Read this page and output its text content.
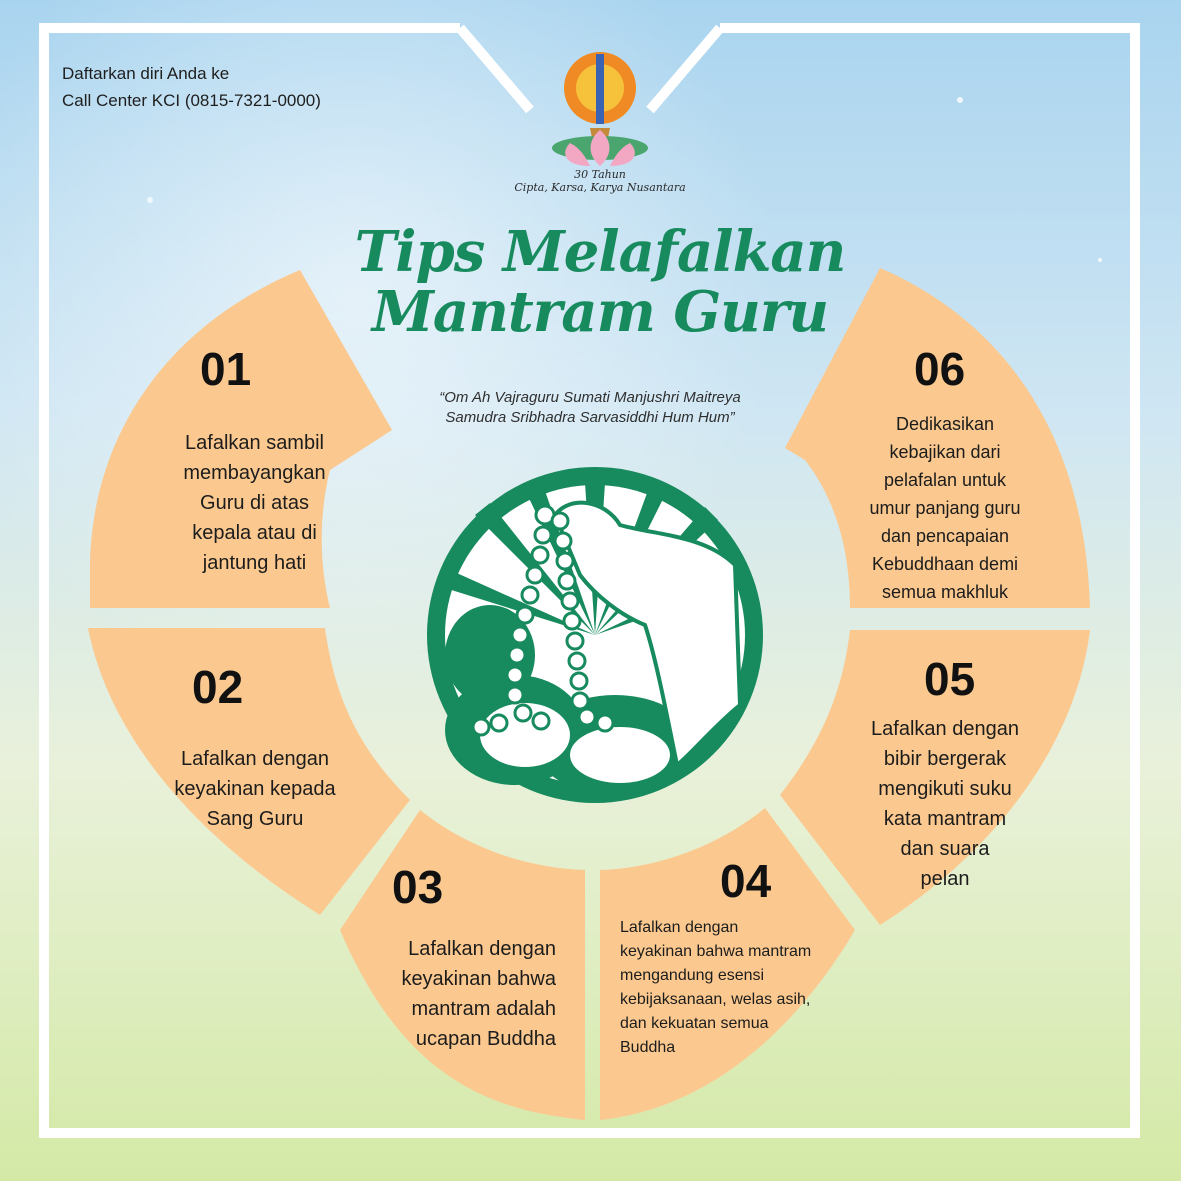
30 Tahun
Cipta, Karsa, Karya Nusantara
Daftarkan diri Anda ke
Call Center KCI (0815-7321-0000)
Tips Melafalkan
Mantram Guru
“Om Ah Vajraguru Sumati Manjushri Maitreya
Samudra Sribhadra Sarvasiddhi Hum Hum”
01
Lafalkan sambil
membayangkan
Guru di atas
kepala atau di
jantung hati
02
Lafalkan dengan
keyakinan kepada
Sang Guru
03
Lafalkan dengan
keyakinan bahwa
mantram adalah
ucapan Buddha
04
Lafalkan dengan
keyakinan bahwa mantram
mengandung esensi
kebijaksanaan, welas asih,
dan kekuatan semua
Buddha
05
Lafalkan dengan
bibir bergerak
mengikuti suku
kata mantram
dan suara
pelan
06
Dedikasikan
kebajikan dari
pelafalan untuk
umur panjang guru
dan pencapaian
Kebuddhaan demi
semua makhluk
